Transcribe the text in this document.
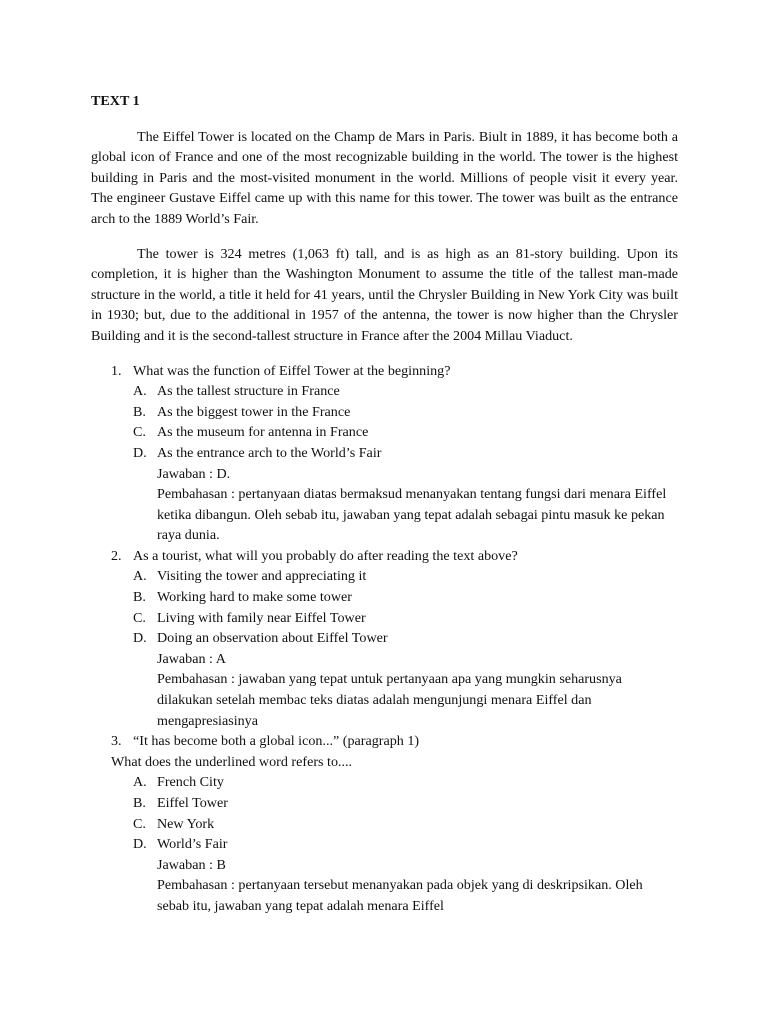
TEXT 1

The Eiffel Tower is located on the Champ de Mars in Paris. Biult in 1889, it has become both a global icon of France and one of the most recognizable building in the world. The tower is the highest building in Paris and the most-visited monument in the world. Millions of people visit it every year. The engineer Gustave Eiffel came up with this name for this tower. The tower was built as the entrance arch to the 1889 World’s Fair.

The tower is 324 metres (1,063 ft) tall, and is as high as an 81-story building. Upon its completion, it is higher than the Washington Monument to assume the title of the tallest man-made structure in the world, a title it held for 41 years, until the Chrysler Building in New York City was built in 1930; but, due to the additional in 1957 of the antenna, the tower is now higher than the Chrysler Building and it is the second-tallest structure in France after the 2004 Millau Viaduct.

1. What was the function of Eiffel Tower at the beginning?
A. As the tallest structure in France
B. As the biggest tower in the France
C. As the museum for antenna in France
D. As the entrance arch to the World’s Fair
Jawaban : D.

Pembahasan : pertanyaan diatas bermaksud menanyakan tentang fungsi dari menara Eiffel ketika dibangun. Oleh sebab itu, jawaban yang tepat adalah sebagai pintu masuk ke pekan raya dunia.

2. As a tourist, what will you probably do after reading the text above?
A. Visiting the tower and appreciating it
B. Working hard to make some tower
C. Living with family near Eiffel Tower
D. Doing an observation about Eiffel Tower
Jawaban : A

Pembahasan : jawaban yang tepat untuk pertanyaan apa yang mungkin seharusnya dilakukan setelah membac teks diatas adalah mengunjungi menara Eiffel dan mengapresiasinya

3. “It has become both a global icon...” (paragraph 1)
What does the underlined word refers to....
A. French City
B. Eiffel Tower
C. New York
D. World’s Fair
Jawaban : B

Pembahasan : pertanyaan tersebut menanyakan pada objek yang di deskripsikan. Oleh sebab itu, jawaban yang tepat adalah menara Eiffel
